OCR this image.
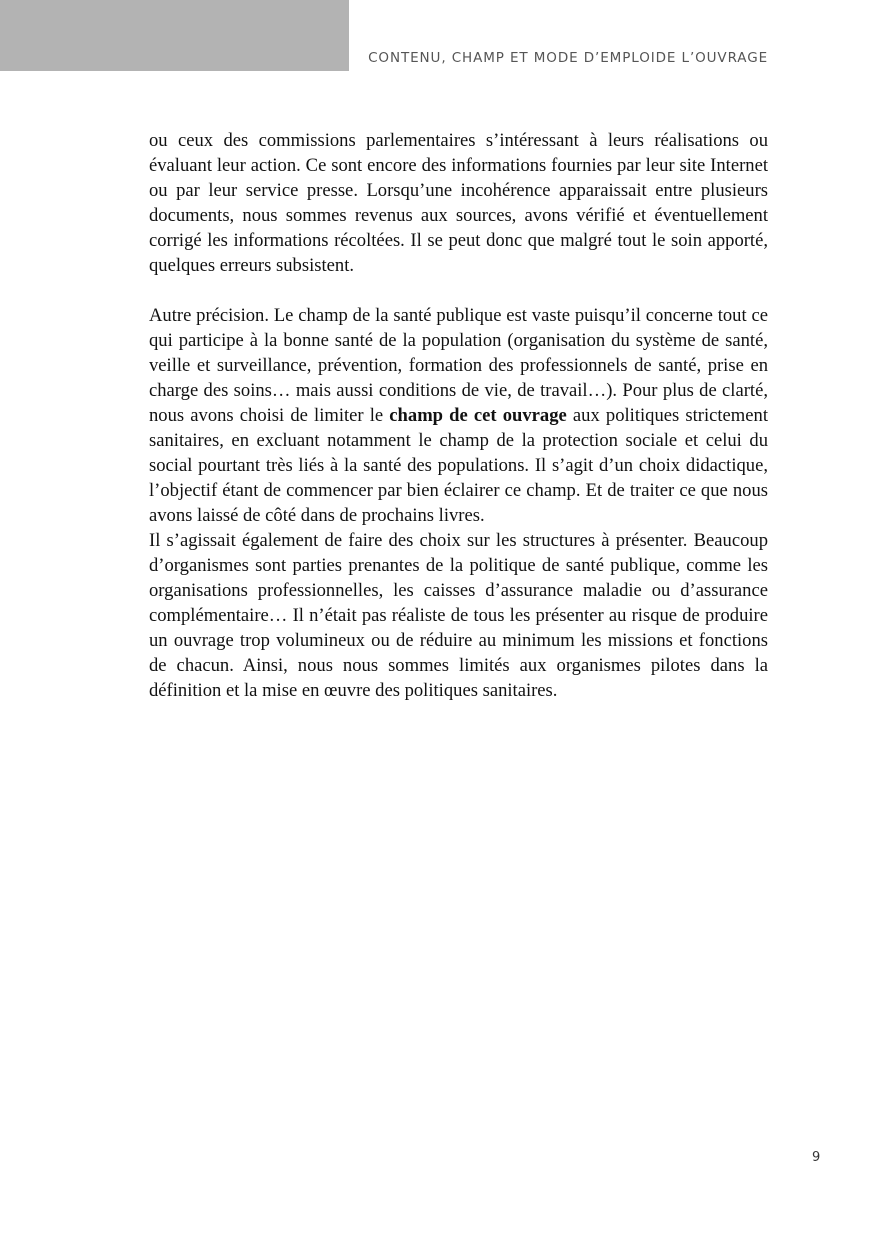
CONTENU, CHAMP ET MODE D’EMPLOIDE L’OUVRAGE

ou ceux des commissions parlementaires s’intéressant à leurs réalisations ou évaluant leur action. Ce sont encore des informations fournies par leur site Internet ou par leur service presse. Lorsqu’une incohérence apparaissait entre plusieurs documents, nous sommes revenus aux sources, avons vérifié et éventuellement corrigé les informations récoltées. Il se peut donc que malgré tout le soin apporté, quelques erreurs subsistent.

Autre précision. Le champ de la santé publique est vaste puisqu’il concerne tout ce qui participe à la bonne santé de la population (organisation du système de santé, veille et surveillance, prévention, formation des professionnels de santé, prise en charge des soins… mais aussi conditions de vie, de travail…). Pour plus de clarté, nous avons choisi de limiter le champ de cet ouvrage aux politiques strictement sanitaires, en excluant notamment le champ de la protection sociale et celui du social pourtant très liés à la santé des populations. Il s’agit d’un choix didactique, l’objectif étant de commencer par bien éclairer ce champ. Et de traiter ce que nous avons laissé de côté dans de prochains livres.

Il s’agissait également de faire des choix sur les structures à présenter. Beaucoup d’organismes sont parties prenantes de la politique de santé publique, comme les organisations professionnelles, les caisses d’assurance maladie ou d’assurance complémentaire… Il n’était pas réaliste de tous les présenter au risque de produire un ouvrage trop volumineux ou de réduire au minimum les missions et fonctions de chacun. Ainsi, nous nous sommes limités aux organismes pilotes dans la définition et la mise en œuvre des politiques sanitaires.

9
